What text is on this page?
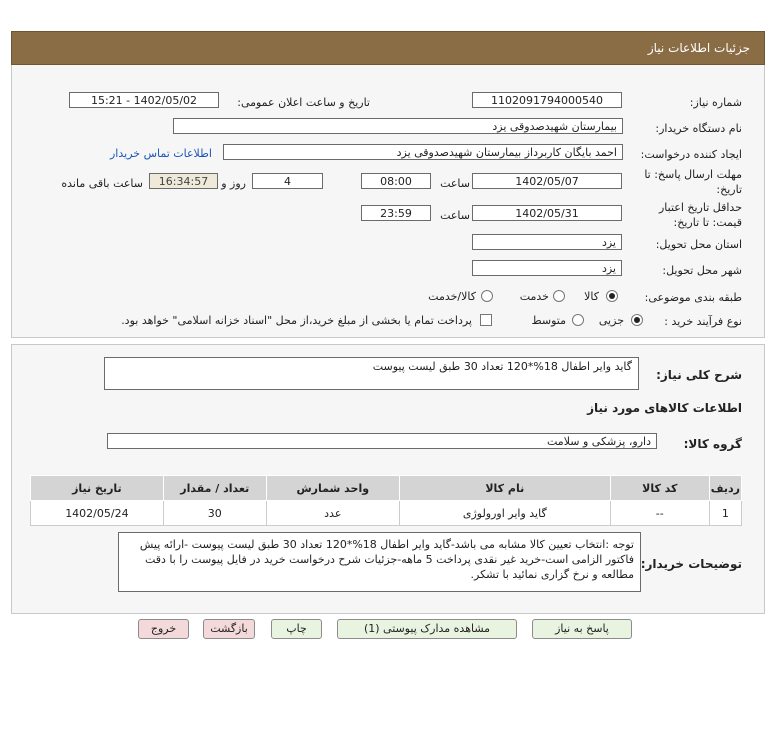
جزئیات اطلاعات نیاز
شماره نیاز:
1102091794000540
تاریخ و ساعت اعلان عمومی:
1402/05/02 - 15:21
نام دستگاه خریدار:
بیمارستان شهیدصدوقی یزد
ایجاد کننده درخواست:
احمد بایگان کاربرداز بیمارستان شهیدصدوقی یزد
اطلاعات تماس خریدار
مهلت ارسال پاسخ: تا
تاریخ:
1402/05/07
ساعت
08:00
4
روز و
16:34:57
ساعت باقی مانده
حداقل تاریخ اعتبار
قیمت: تا تاریخ:
1402/05/31
ساعت
23:59
استان محل تحویل:
یزد
شهر محل تحویل:
یزد
طبقه بندی موضوعی:
کالا
خدمت
کالا/خدمت
نوع فرآیند خرید :
جزیی
متوسط
پرداخت تمام یا بخشی از مبلغ خرید،از محل "اسناد خزانه اسلامی" خواهد بود.
شرح کلی نیاز:
گاید وایر اطفال 18%*120 تعداد 30 طبق لیست پیوست
اطلاعات کالاهای مورد نیاز
گروه کالا:
دارو، پزشکی و سلامت
ردیف	کد کالا	نام کالا	واحد شمارش	تعداد / مقدار	تاریخ نیاز
1	--	گاید وایر اورولوژی	عدد	30	1402/05/24
توضیحات خریدار:
توجه :انتخاب تعیین کالا مشابه می باشد-گاید وایر اطفال 18%*120 تعداد 30 طبق لیست پیوست -ارائه پیش فاکتور الزامی است-خرید غیر نقدی پرداخت 5 ماهه-جزئیات شرح درخواست خرید در فایل پیوست را با دقت مطالعه و نرخ گزاری نمائید با تشکر.
پاسخ به نیاز
مشاهده مدارک پیوستی (1)
چاپ
بازگشت
خروج
